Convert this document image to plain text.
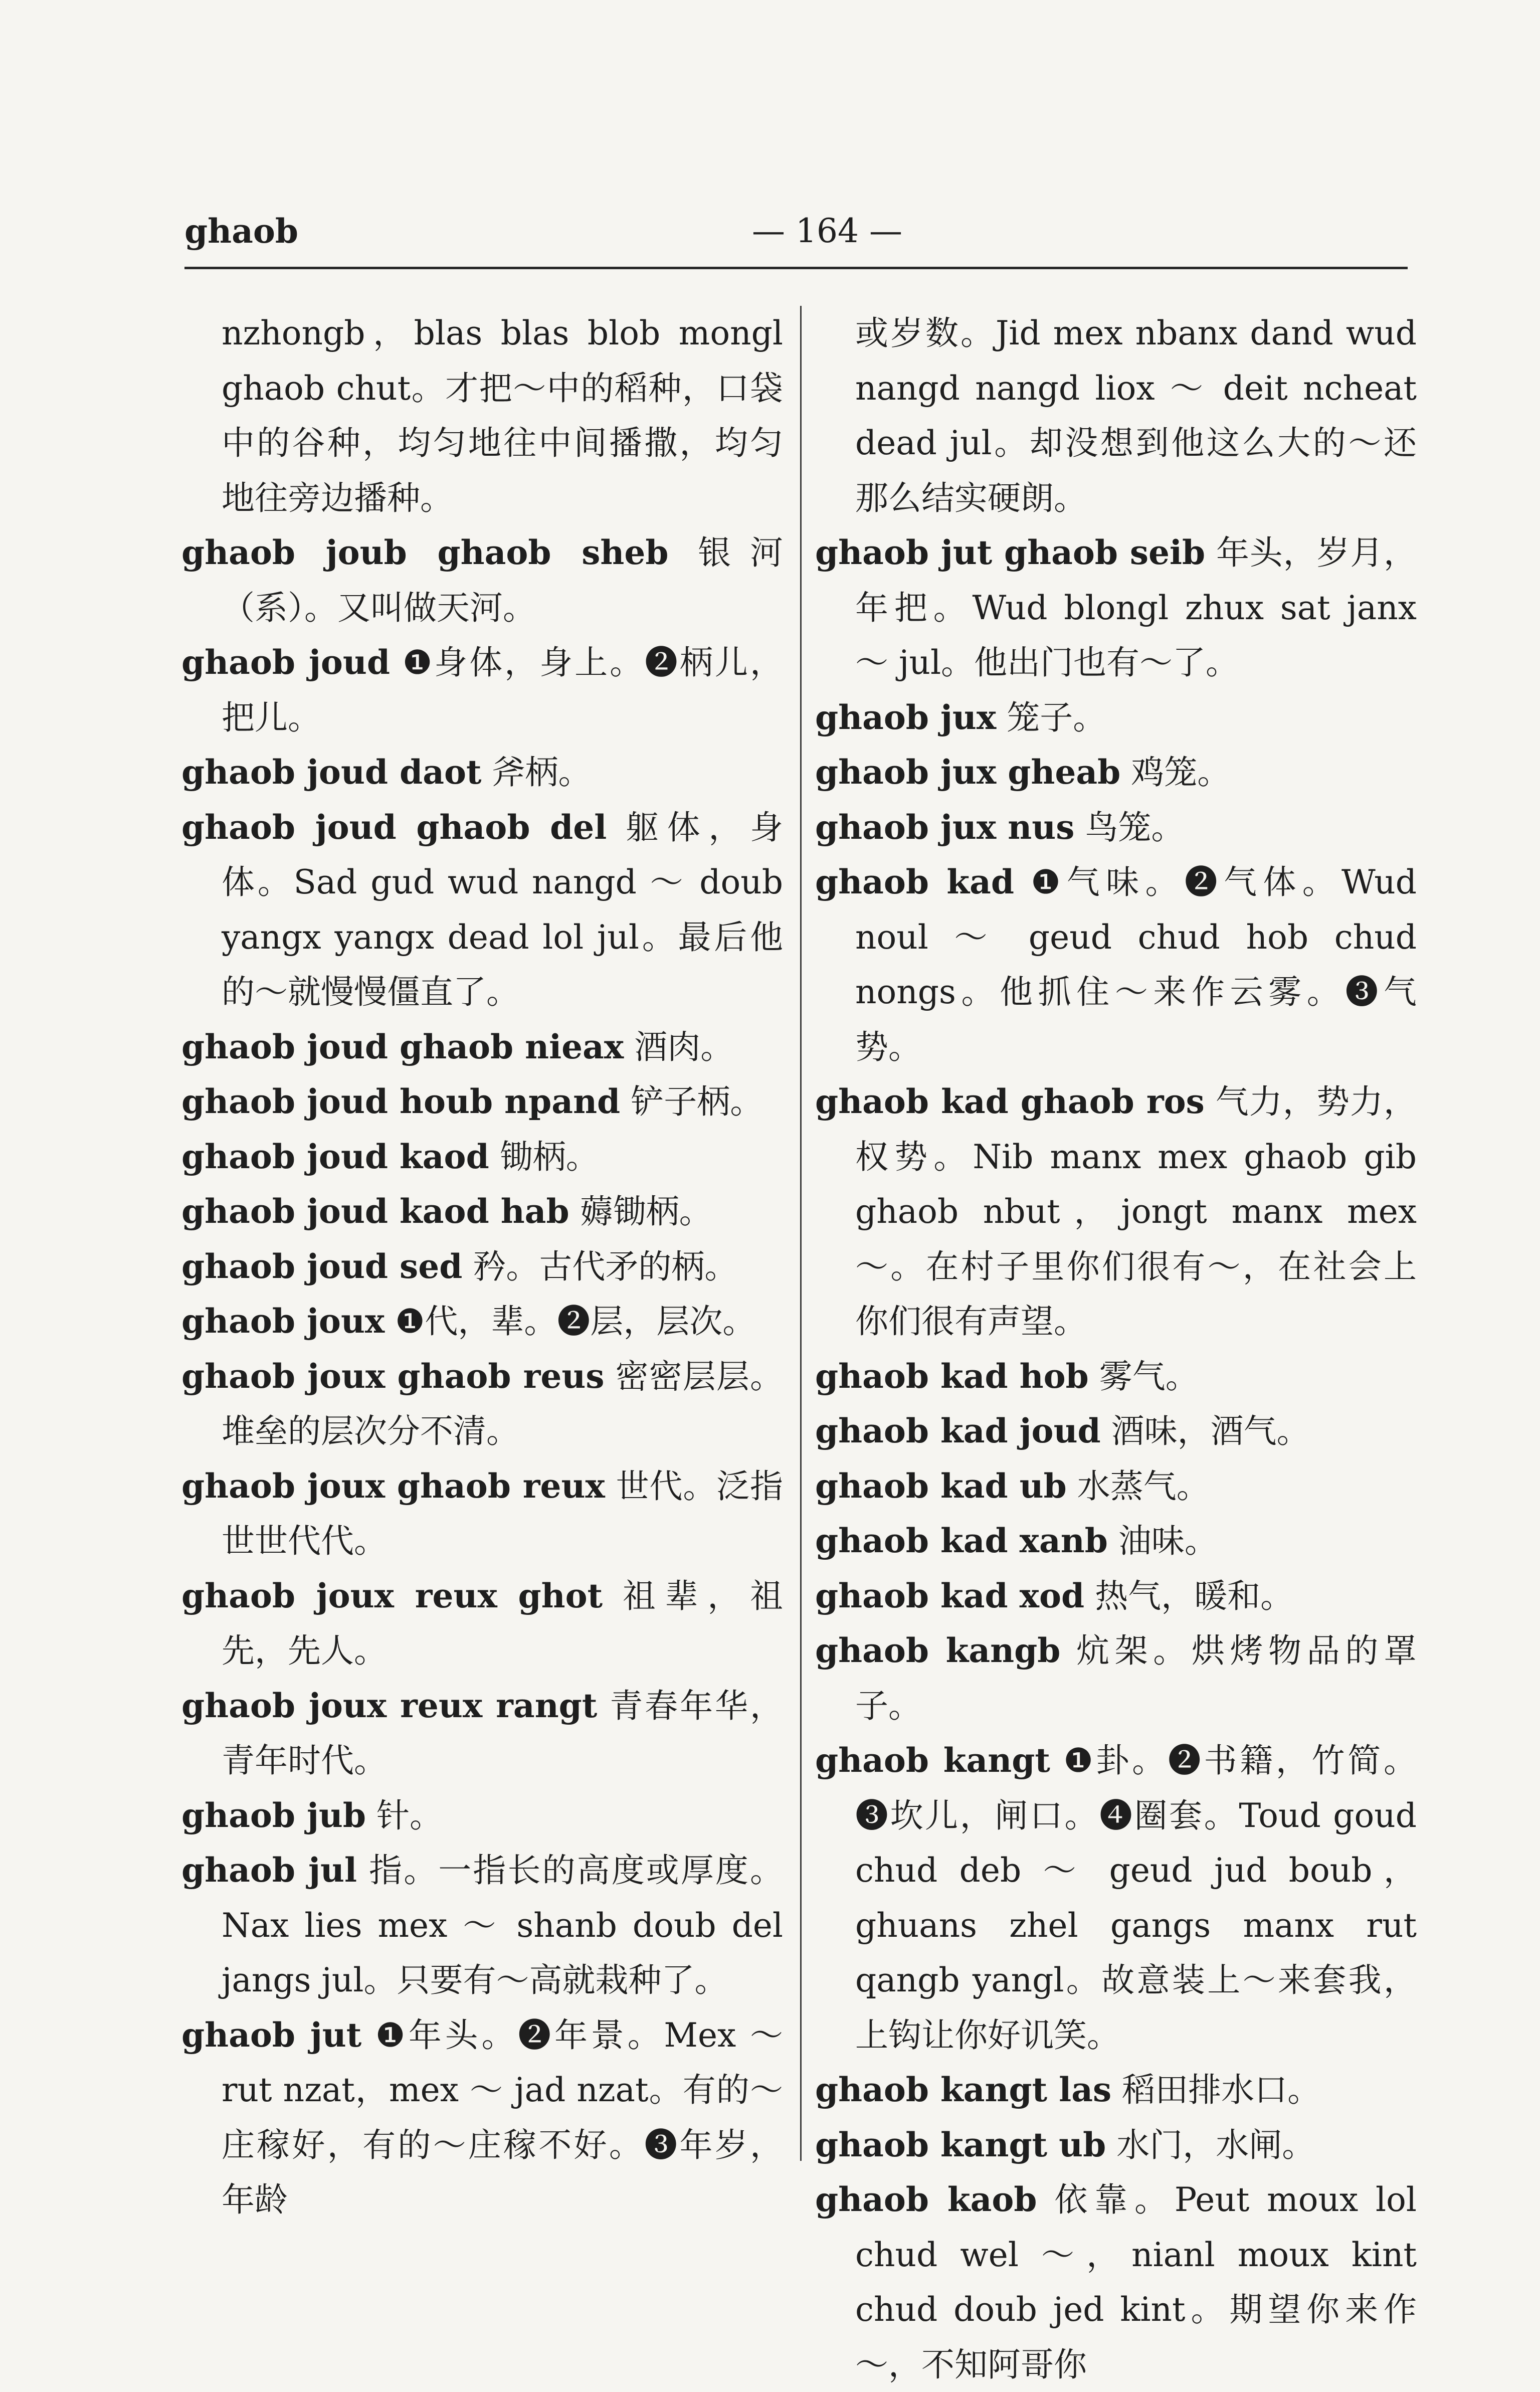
ghaob	— 164 —
nzhongb，blas blas blob mongl ghaob chut。才把～中的稻种，口袋中的谷种，均匀地往中间播撒，均匀地往旁边播种。
ghaob joub ghaob sheb 银河（系）。又叫做天河。
ghaob joud ❶身体，身上。❷柄儿，把儿。
ghaob joud daot 斧柄。
ghaob joud ghaob del 躯体，身体。Sad gud wud nangd ～ doub yangx yangx dead lol jul。最后他的～就慢慢僵直了。
ghaob joud ghaob nieax 酒肉。
ghaob joud houb npand 铲子柄。
ghaob joud kaod 锄柄。
ghaob joud kaod hab 薅锄柄。
ghaob joud sed 矜。古代矛的柄。
ghaob joux ❶代，辈。❷层，层次。
ghaob joux ghaob reus 密密层层。堆垒的层次分不清。
ghaob joux ghaob reux 世代。泛指世世代代。
ghaob joux reux ghot 祖辈，祖先，先人。
ghaob joux reux rangt 青春年华，青年时代。
ghaob jub 针。
ghaob jul 指。一指长的高度或厚度。Nax lies mex ～ shanb doub del jangs jul。只要有～高就栽种了。
ghaob jut ❶年头。❷年景。Mex ～ rut nzat，mex ～ jad nzat。有的～庄稼好，有的～庄稼不好。❸年岁，年龄
或岁数。Jid mex nbanx dand wud nangd nangd liox ～ deit ncheat dead jul。却没想到他这么大的～还那么结实硬朗。
ghaob jut ghaob seib 年头，岁月，年把。Wud blongl zhux sat janx ～ jul。他出门也有～了。
ghaob jux 笼子。
ghaob jux gheab 鸡笼。
ghaob jux nus 鸟笼。
ghaob kad ❶气味。❷气体。Wud noul ～ geud chud hob chud nongs。他抓住～来作云雾。❸气势。
ghaob kad ghaob ros 气力，势力，权势。Nib manx mex ghaob gib ghaob nbut，jongt manx mex ～。在村子里你们很有～，在社会上你们很有声望。
ghaob kad hob 雾气。
ghaob kad joud 酒味，酒气。
ghaob kad ub 水蒸气。
ghaob kad xanb 油味。
ghaob kad xod 热气，暖和。
ghaob kangb 炕架。烘烤物品的罩子。
ghaob kangt ❶卦。❷书籍，竹简。❸坎儿，闸口。❹圈套。Toud goud chud deb ～ geud jud boub，ghuans zhel gangs manx rut qangb yangl。故意装上～来套我，上钩让你好讥笑。
ghaob kangt las 稻田排水口。
ghaob kangt ub 水门，水闸。
ghaob kaob 依靠。Peut moux lol chud wel ～，nianl moux kint chud doub jed kint。期望你来作～，不知阿哥你
